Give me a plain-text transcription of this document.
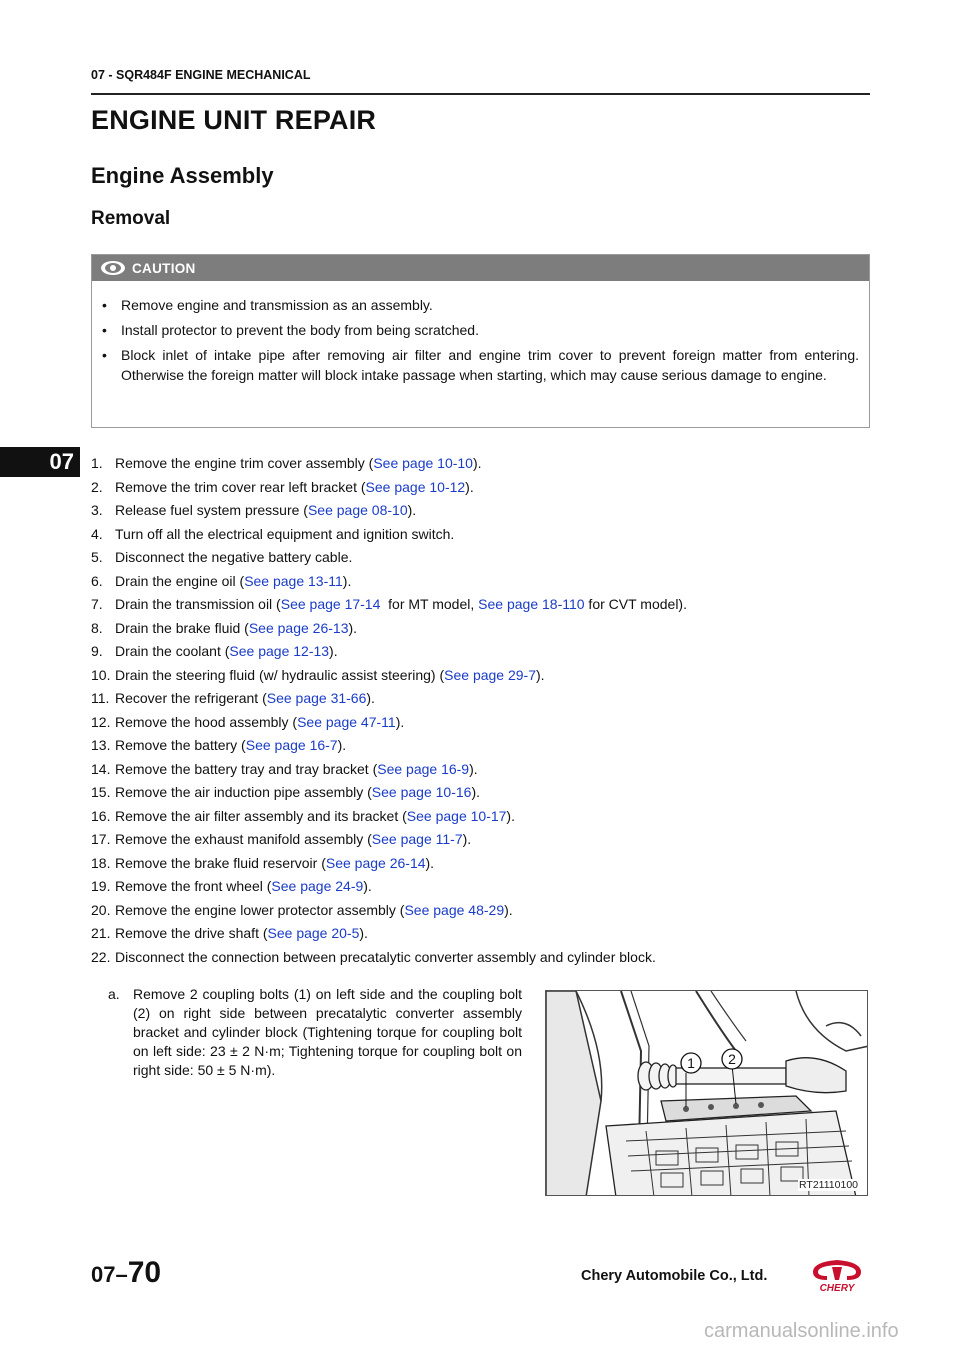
07 - SQR484F ENGINE MECHANICAL
07
ENGINE UNIT REPAIR
Engine Assembly
Removal
CAUTION
• Remove engine and transmission as an assembly.
• Install protector to prevent the body from being scratched.
• Block inlet of intake pipe after removing air filter and engine trim cover to prevent foreign matter from entering. Otherwise the foreign matter will block intake passage when starting, which may cause serious damage to engine.
1. Remove the engine trim cover assembly (See page 10-10).
2. Remove the trim cover rear left bracket (See page 10-12).
3. Release fuel system pressure (See page 08-10).
4. Turn off all the electrical equipment and ignition switch.
5. Disconnect the negative battery cable.
6. Drain the engine oil (See page 13-11).
7. Drain the transmission oil (See page 17-14  for MT model, See page 18-110 for CVT model).
8. Drain the brake fluid (See page 26-13).
9. Drain the coolant (See page 12-13).
10. Drain the steering fluid (w/ hydraulic assist steering) (See page 29-7).
11. Recover the refrigerant (See page 31-66).
12. Remove the hood assembly (See page 47-11).
13. Remove the battery (See page 16-7).
14. Remove the battery tray and tray bracket (See page 16-9).
15. Remove the air induction pipe assembly (See page 10-16).
16. Remove the air filter assembly and its bracket (See page 10-17).
17. Remove the exhaust manifold assembly (See page 11-7).
18. Remove the brake fluid reservoir (See page 26-14).
19. Remove the front wheel (See page 24-9).
20. Remove the engine lower protector assembly (See page 48-29).
21. Remove the drive shaft (See page 20-5).
22. Disconnect the connection between precatalytic converter assembly and cylinder block.
a. Remove 2 coupling bolts (1) on left side and the coupling bolt (2) on right side between precatalytic converter assembly bracket and cylinder block (Tightening torque for coupling bolt on left side: 23 ± 2 N·m; Tightening torque for coupling bolt on right side: 50 ± 5 N·m).	1 2
RT21110100
07–70	Chery Automobile Co., Ltd.
CHERY
carmanualsonline.info
